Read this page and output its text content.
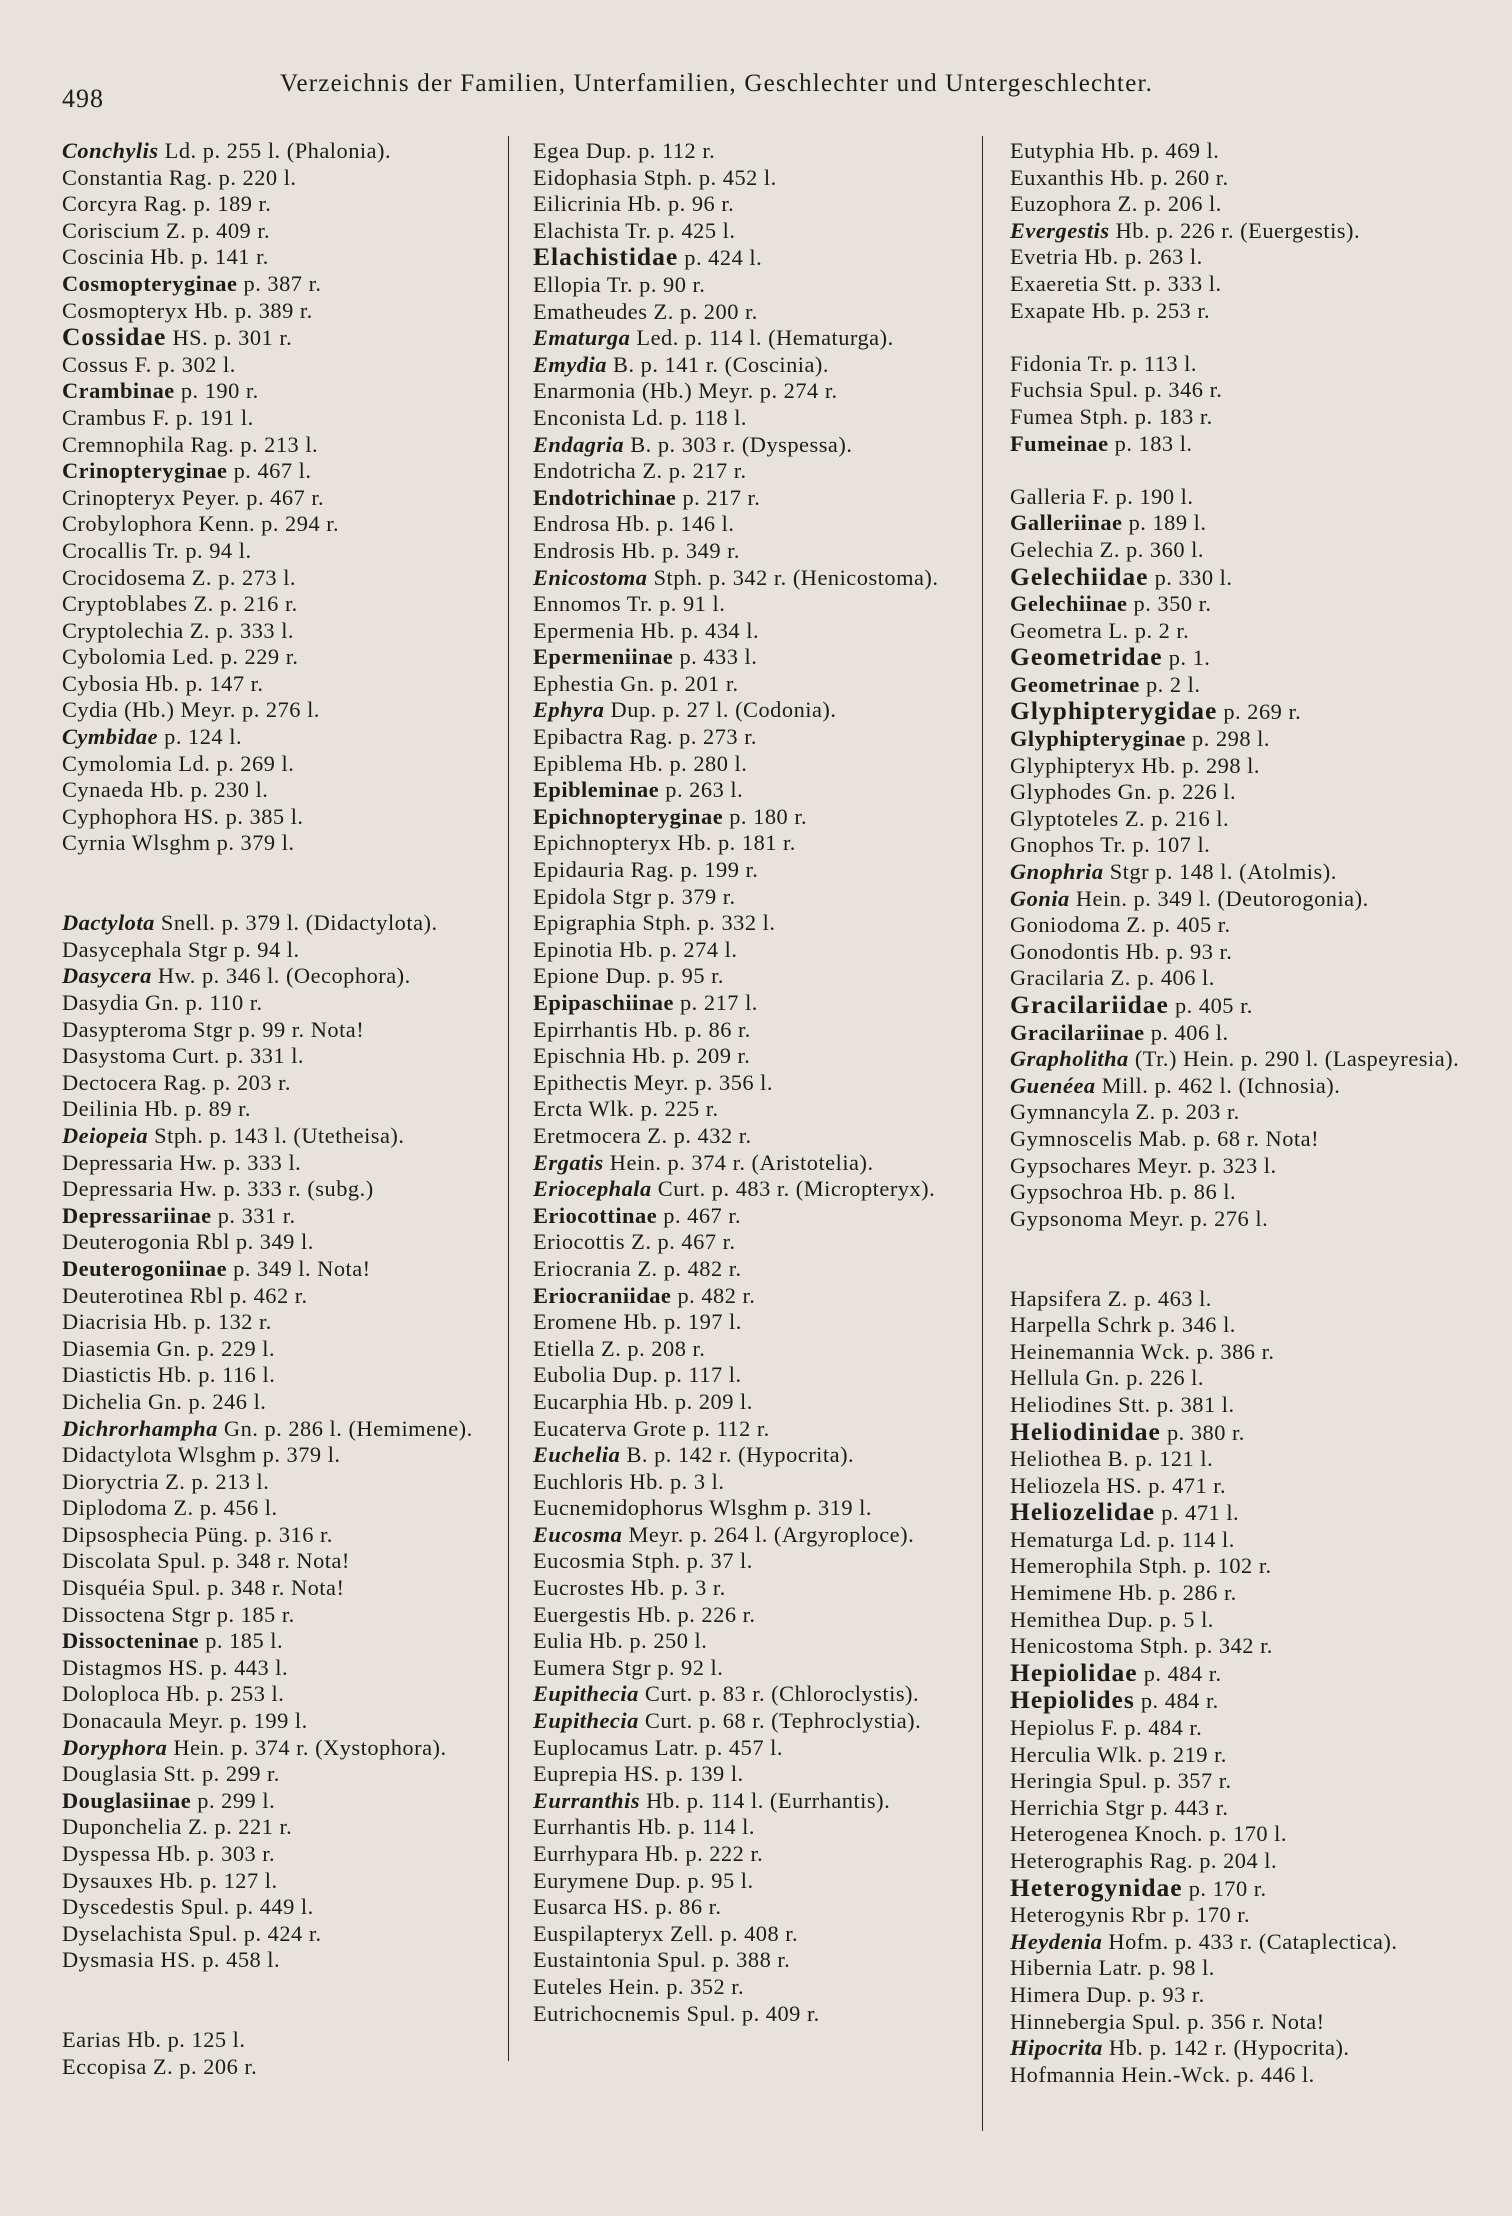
498
Verzeichnis der Familien, Unterfamilien, Geschlechter und Untergeschlechter.
Conchylis Ld. p. 255 l. (Phalonia).
Constantia Rag. p. 220 l.
Corcyra Rag. p. 189 r.
Coriscium Z. p. 409 r.
Coscinia Hb. p. 141 r.
Cosmopteryginae p. 387 r.
Cosmopteryx Hb. p. 389 r.
Cossidae HS. p. 301 r.
Cossus F. p. 302 l.
Crambinae p. 190 r.
Crambus F. p. 191 l.
Cremnophila Rag. p. 213 l.
Crinopteryginae p. 467 l.
Crinopteryx Peyer. p. 467 r.
Crobylophora Kenn. p. 294 r.
Crocallis Tr. p. 94 l.
Crocidosema Z. p. 273 l.
Cryptoblabes Z. p. 216 r.
Cryptolechia Z. p. 333 l.
Cybolomia Led. p. 229 r.
Cybosia Hb. p. 147 r.
Cydia (Hb.) Meyr. p. 276 l.
Cymbidae p. 124 l.
Cymolomia Ld. p. 269 l.
Cynaeda Hb. p. 230 l.
Cyphophora HS. p. 385 l.
Cyrnia Wlsghm p. 379 l.
Dactylota Snell. p. 379 l. (Didactylota).
Dasycephala Stgr p. 94 l.
Dasycera Hw. p. 346 l. (Oecophora).
Dasydia Gn. p. 110 r.
Dasypteroma Stgr p. 99 r. Nota!
Dasystoma Curt. p. 331 l.
Dectocera Rag. p. 203 r.
Deilinia Hb. p. 89 r.
Deiopeia Stph. p. 143 l. (Utetheisa).
Depressaria Hw. p. 333 l.
Depressaria Hw. p. 333 r. (subg.)
Depressariinae p. 331 r.
Deuterogonia Rbl p. 349 l.
Deuterogoniinae p. 349 l. Nota!
Deuterotinea Rbl p. 462 r.
Diacrisia Hb. p. 132 r.
Diasemia Gn. p. 229 l.
Diastictis Hb. p. 116 l.
Dichelia Gn. p. 246 l.
Dichrorhampha Gn. p. 286 l. (Hemimene).
Didactylota Wlsghm p. 379 l.
Dioryctria Z. p. 213 l.
Diplodoma Z. p. 456 l.
Dipsosphecia Püng. p. 316 r.
Discolata Spul. p. 348 r. Nota!
Disquéia Spul. p. 348 r. Nota!
Dissoctena Stgr p. 185 r.
Dissocteninae p. 185 l.
Distagmos HS. p. 443 l.
Doloploca Hb. p. 253 l.
Donacaula Meyr. p. 199 l.
Doryphora Hein. p. 374 r. (Xystophora).
Douglasia Stt. p. 299 r.
Douglasiinae p. 299 l.
Duponchelia Z. p. 221 r.
Dyspessa Hb. p. 303 r.
Dysauxes Hb. p. 127 l.
Dyscedestis Spul. p. 449 l.
Dyselachista Spul. p. 424 r.
Dysmasia HS. p. 458 l.
Earias Hb. p. 125 l.
Eccopisa Z. p. 206 r.
Egea Dup. p. 112 r.
Eidophasia Stph. p. 452 l.
Eilicrinia Hb. p. 96 r.
Elachista Tr. p. 425 l.
Elachistidae p. 424 l.
Ellopia Tr. p. 90 r.
Ematheudes Z. p. 200 r.
Ematurga Led. p. 114 l. (Hematurga).
Emydia B. p. 141 r. (Coscinia).
Enarmonia (Hb.) Meyr. p. 274 r.
Enconista Ld. p. 118 l.
Endagria B. p. 303 r. (Dyspessa).
Endotricha Z. p. 217 r.
Endotrichinae p. 217 r.
Endrosa Hb. p. 146 l.
Endrosis Hb. p. 349 r.
Enicostoma Stph. p. 342 r. (Henicostoma).
Ennomos Tr. p. 91 l.
Epermenia Hb. p. 434 l.
Epermeniinae p. 433 l.
Ephestia Gn. p. 201 r.
Ephyra Dup. p. 27 l. (Codonia).
Epibactra Rag. p. 273 r.
Epiblema Hb. p. 280 l.
Epibleminae p. 263 l.
Epichnopteryginae p. 180 r.
Epichnopteryx Hb. p. 181 r.
Epidauria Rag. p. 199 r.
Epidola Stgr p. 379 r.
Epigraphia Stph. p. 332 l.
Epinotia Hb. p. 274 l.
Epione Dup. p. 95 r.
Epipaschiinae p. 217 l.
Epirrhantis Hb. p. 86 r.
Epischnia Hb. p. 209 r.
Epithectis Meyr. p. 356 l.
Ercta Wlk. p. 225 r.
Eretmocera Z. p. 432 r.
Ergatis Hein. p. 374 r. (Aristotelia).
Eriocephala Curt. p. 483 r. (Micropteryx).
Eriocottinae p. 467 r.
Eriocottis Z. p. 467 r.
Eriocrania Z. p. 482 r.
Eriocraniidae p. 482 r.
Eromene Hb. p. 197 l.
Etiella Z. p. 208 r.
Eubolia Dup. p. 117 l.
Eucarphia Hb. p. 209 l.
Eucaterva Grote p. 112 r.
Euchelia B. p. 142 r. (Hypocrita).
Euchloris Hb. p. 3 l.
Eucnemidophorus Wlsghm p. 319 l.
Eucosma Meyr. p. 264 l. (Argyroploce).
Eucosmia Stph. p. 37 l.
Eucrostes Hb. p. 3 r.
Euergestis Hb. p. 226 r.
Eulia Hb. p. 250 l.
Eumera Stgr p. 92 l.
Eupithecia Curt. p. 83 r. (Chloroclystis).
Eupithecia Curt. p. 68 r. (Tephroclystia).
Euplocamus Latr. p. 457 l.
Euprepia HS. p. 139 l.
Eurranthis Hb. p. 114 l. (Eurrhantis).
Eurrhantis Hb. p. 114 l.
Eurrhypara Hb. p. 222 r.
Eurymene Dup. p. 95 l.
Eusarca HS. p. 86 r.
Euspilapteryx Zell. p. 408 r.
Eustaintonia Spul. p. 388 r.
Euteles Hein. p. 352 r.
Eutrichocnemis Spul. p. 409 r.
Eutyphia Hb. p. 469 l.
Euxanthis Hb. p. 260 r.
Euzophora Z. p. 206 l.
Evergestis Hb. p. 226 r. (Euergestis).
Evetria Hb. p. 263 l.
Exaeretia Stt. p. 333 l.
Exapate Hb. p. 253 r.
Fidonia Tr. p. 113 l.
Fuchsia Spul. p. 346 r.
Fumea Stph. p. 183 r.
Fumeinae p. 183 l.
Galleria F. p. 190 l.
Galleriinae p. 189 l.
Gelechia Z. p. 360 l.
Gelechiidae p. 330 l.
Gelechiinae p. 350 r.
Geometra L. p. 2 r.
Geometridae p. 1.
Geometrinae p. 2 l.
Glyphipterygidae p. 269 r.
Glyphipteryginae p. 298 l.
Glyphipteryx Hb. p. 298 l.
Glyphodes Gn. p. 226 l.
Glyptoteles Z. p. 216 l.
Gnophos Tr. p. 107 l.
Gnophria Stgr p. 148 l. (Atolmis).
Gonia Hein. p. 349 l. (Deutorogonia).
Goniodoma Z. p. 405 r.
Gonodontis Hb. p. 93 r.
Gracilaria Z. p. 406 l.
Gracilariidae p. 405 r.
Gracilariinae p. 406 l.
Grapholitha (Tr.) Hein. p. 290 l. (Laspeyresia).
Guenéea Mill. p. 462 l. (Ichnosia).
Gymnancyla Z. p. 203 r.
Gymnoscelis Mab. p. 68 r. Nota!
Gypsochares Meyr. p. 323 l.
Gypsochroa Hb. p. 86 l.
Gypsonoma Meyr. p. 276 l.
Hapsifera Z. p. 463 l.
Harpella Schrk p. 346 l.
Heinemannia Wck. p. 386 r.
Hellula Gn. p. 226 l.
Heliodines Stt. p. 381 l.
Heliodinidae p. 380 r.
Heliothea B. p. 121 l.
Heliozela HS. p. 471 r.
Heliozelidae p. 471 l.
Hematurga Ld. p. 114 l.
Hemerophila Stph. p. 102 r.
Hemimene Hb. p. 286 r.
Hemithea Dup. p. 5 l.
Henicostoma Stph. p. 342 r.
Hepiolidae p. 484 r.
Hepiolides p. 484 r.
Hepiolus F. p. 484 r.
Herculia Wlk. p. 219 r.
Heringia Spul. p. 357 r.
Herrichia Stgr p. 443 r.
Heterogenea Knoch. p. 170 l.
Heterographis Rag. p. 204 l.
Heterogynidae p. 170 r.
Heterogynis Rbr p. 170 r.
Heydenia Hofm. p. 433 r. (Cataplectica).
Hibernia Latr. p. 98 l.
Himera Dup. p. 93 r.
Hinnebergia Spul. p. 356 r. Nota!
Hipocrita Hb. p. 142 r. (Hypocrita).
Hofmannia Hein.-Wck. p. 446 l.
